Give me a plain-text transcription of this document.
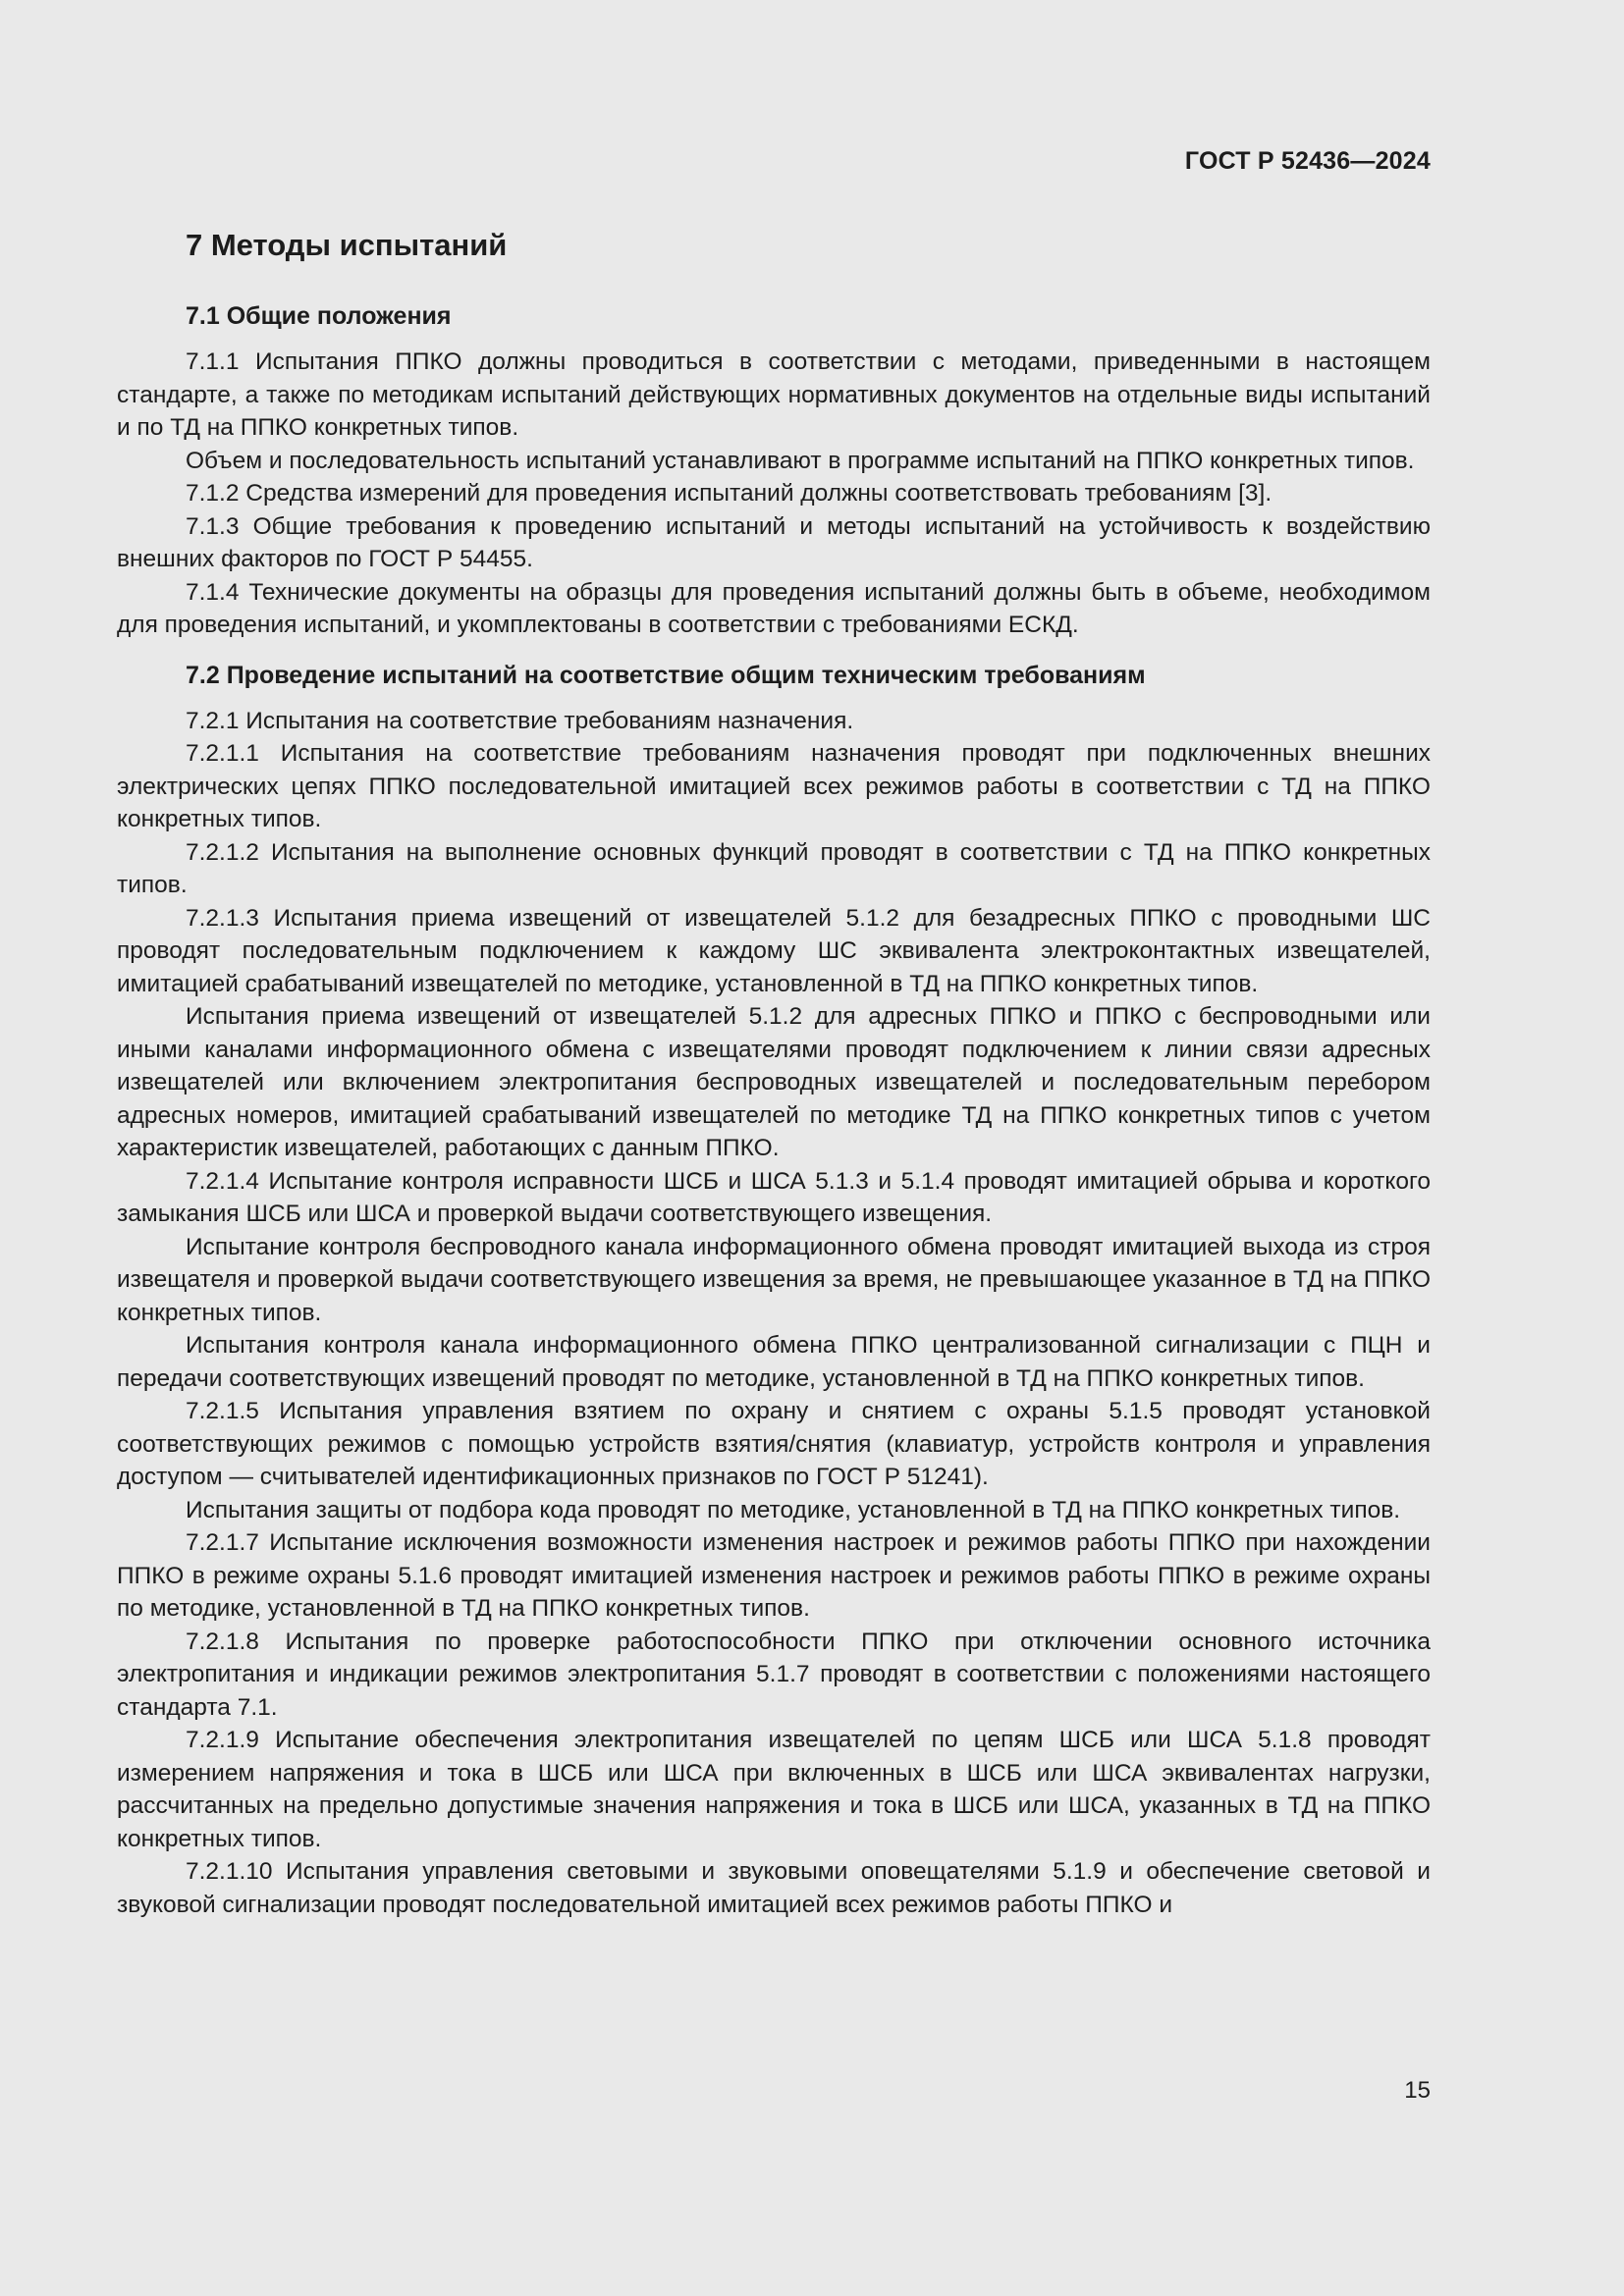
ГОСТ Р 52436—2024
7 Методы испытаний
7.1 Общие положения

7.1.1 Испытания ППКО должны проводиться в соответствии с методами, приведенными в настоящем стандарте, а также по методикам испытаний действующих нормативных документов на отдельные виды испытаний и по ТД на ППКО конкретных типов.

Объем и последовательность испытаний устанавливают в программе испытаний на ППКО конкретных типов.

7.1.2 Средства измерений для проведения испытаний должны соответствовать требованиям [3].

7.1.3 Общие требования к проведению испытаний и методы испытаний на устойчивость к воздействию внешних факторов по ГОСТ Р 54455.

7.1.4 Технические документы на образцы для проведения испытаний должны быть в объеме, необходимом для проведения испытаний, и укомплектованы в соответствии с требованиями ЕСКД.

7.2 Проведение испытаний на соответствие общим техническим требованиям

7.2.1 Испытания на соответствие требованиям назначения.

7.2.1.1 Испытания на соответствие требованиям назначения проводят при подключенных внешних электрических цепях ППКО последовательной имитацией всех режимов работы в соответствии с ТД на ППКО конкретных типов.

7.2.1.2 Испытания на выполнение основных функций проводят в соответствии с ТД на ППКО конкретных типов.

7.2.1.3 Испытания приема извещений от извещателей 5.1.2 для безадресных ППКО с проводными ШС проводят последовательным подключением к каждому ШС эквивалента электроконтактных извещателей, имитацией срабатываний извещателей по методике, установленной в ТД на ППКО конкретных типов.

Испытания приема извещений от извещателей 5.1.2 для адресных ППКО и ППКО с беспроводными или иными каналами информационного обмена с извещателями проводят подключением к линии связи адресных извещателей или включением электропитания беспроводных извещателей и последовательным перебором адресных номеров, имитацией срабатываний извещателей по методике ТД на ППКО конкретных типов с учетом характеристик извещателей, работающих с данным ППКО.

7.2.1.4 Испытание контроля исправности ШСБ и ШСА 5.1.3 и 5.1.4 проводят имитацией обрыва и короткого замыкания ШСБ или ШСА и проверкой выдачи соответствующего извещения.

Испытание контроля беспроводного канала информационного обмена проводят имитацией выхода из строя извещателя и проверкой выдачи соответствующего извещения за время, не превышающее указанное в ТД на ППКО конкретных типов.

Испытания контроля канала информационного обмена ППКО централизованной сигнализации с ПЦН и передачи соответствующих извещений проводят по методике, установленной в ТД на ППКО конкретных типов.

7.2.1.5 Испытания управления взятием по охрану и снятием с охраны 5.1.5 проводят установкой соответствующих режимов с помощью устройств взятия/снятия (клавиатур, устройств контроля и управления доступом — считывателей идентификационных признаков по ГОСТ Р 51241).

Испытания защиты от подбора кода проводят по методике, установленной в ТД на ППКО конкретных типов.

7.2.1.7 Испытание исключения возможности изменения настроек и режимов работы ППКО при нахождении ППКО в режиме охраны 5.1.6 проводят имитацией изменения настроек и режимов работы ППКО в режиме охраны по методике, установленной в ТД на ППКО конкретных типов.

7.2.1.8 Испытания по проверке работоспособности ППКО при отключении основного источника электропитания и индикации режимов электропитания 5.1.7 проводят в соответствии с положениями настоящего стандарта 7.1.

7.2.1.9 Испытание обеспечения электропитания извещателей по цепям ШСБ или ШСА 5.1.8 проводят измерением напряжения и тока в ШСБ или ШСА при включенных в ШСБ или ШСА эквивалентах нагрузки, рассчитанных на предельно допустимые значения напряжения и тока в ШСБ или ШСА, указанных в ТД на ППКО конкретных типов.

7.2.1.10 Испытания управления световыми и звуковыми оповещателями 5.1.9 и обеспечение световой и звуковой сигнализации проводят последовательной имитацией всех режимов работы ППКО и

15
